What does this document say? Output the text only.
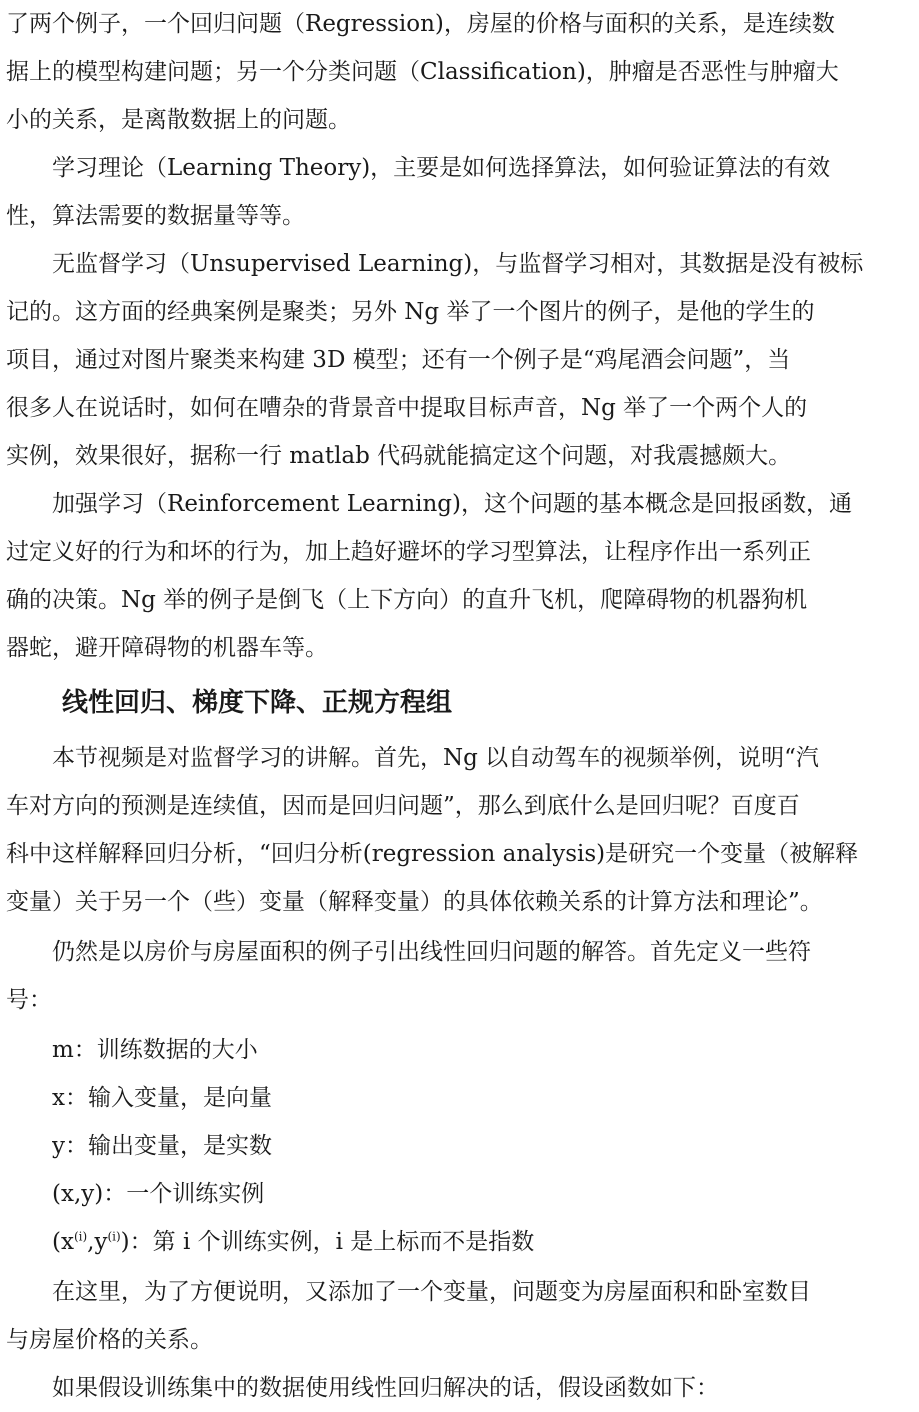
了两个例子，一个回归问题（Regression)，房屋的价格与面积的关系，是连续数
据上的模型构建问题；另一个分类问题（Classification)，肿瘤是否恶性与肿瘤大
小的关系，是离散数据上的问题。
学习理论（Learning Theory)，主要是如何选择算法，如何验证算法的有效
性，算法需要的数据量等等。
无监督学习（Unsupervised Learning)，与监督学习相对，其数据是没有被标
记的。这方面的经典案例是聚类；另外 Ng 举了一个图片的例子，是他的学生的
项目，通过对图片聚类来构建 3D 模型；还有一个例子是“鸡尾酒会问题”，当
很多人在说话时，如何在嘈杂的背景音中提取目标声音，Ng 举了一个两个人的
实例，效果很好，据称一行 matlab 代码就能搞定这个问题，对我震撼颇大。
加强学习（Reinforcement Learning)，这个问题的基本概念是回报函数，通
过定义好的行为和坏的行为，加上趋好避坏的学习型算法，让程序作出一系列正
确的决策。Ng 举的例子是倒飞（上下方向）的直升飞机，爬障碍物的机器狗机
器蛇，避开障碍物的机器车等。
线性回归、梯度下降、正规方程组
本节视频是对监督学习的讲解。首先，Ng 以自动驾车的视频举例，说明“汽
车对方向的预测是连续值，因而是回归问题”，那么到底什么是回归呢？百度百
科中这样解释回归分析，“回归分析(regression analysis)是研究一个变量（被解释
变量）关于另一个（些）变量（解释变量）的具体依赖关系的计算方法和理论”。
仍然是以房价与房屋面积的例子引出线性回归问题的解答。首先定义一些符
号：
m：训练数据的大小
x：输入变量，是向量
y：输出变量，是实数
(x,y)：一个训练实例
$(x^{(i)},y^{(i)})$：第 i 个训练实例，i 是上标而不是指数
在这里，为了方便说明，又添加了一个变量，问题变为房屋面积和卧室数目
与房屋价格的关系。
如果假设训练集中的数据使用线性回归解决的话，假设函数如下：
